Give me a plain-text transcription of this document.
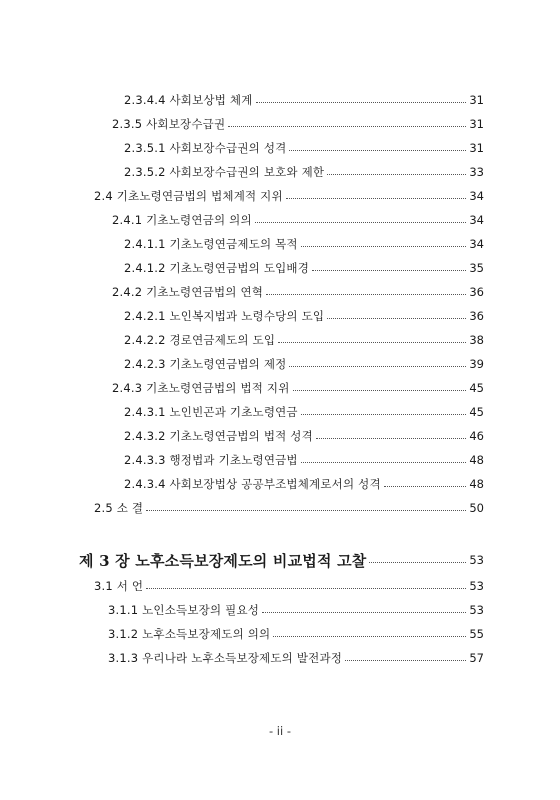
2.3.4.4 사회보상법 체계	31
2.3.5 사회보장수급권	31
2.3.5.1 사회보장수급권의 성격	31
2.3.5.2 사회보장수급권의 보호와 제한	33
2.4 기초노령연금법의 법체계적 지위	34
2.4.1 기초노령연금의 의의	34
2.4.1.1 기초노령연금제도의 목적	34
2.4.1.2 기초노령연금법의 도입배경	35
2.4.2 기초노령연금법의 연혁	36
2.4.2.1 노인복지법과 노령수당의 도입	36
2.4.2.2 경로연금제도의 도입	38
2.4.2.3 기초노령연금법의 제정	39
2.4.3 기초노령연금법의 법적 지위	45
2.4.3.1 노인빈곤과 기초노령연금	45
2.4.3.2 기초노령연금법의 법적 성격	46
2.4.3.3 행정법과 기초노령연금법	48
2.4.3.4 사회보장법상 공공부조법체계로서의 성격	48
2.5 소 결	50
제 3 장 노후소득보장제도의 비교법적 고찰	53
3.1 서 언	53
3.1.1 노인소득보장의 필요성	53
3.1.2 노후소득보장제도의 의의	55
3.1.3 우리나라 노후소득보장제도의 발전과정	57
- ii -
